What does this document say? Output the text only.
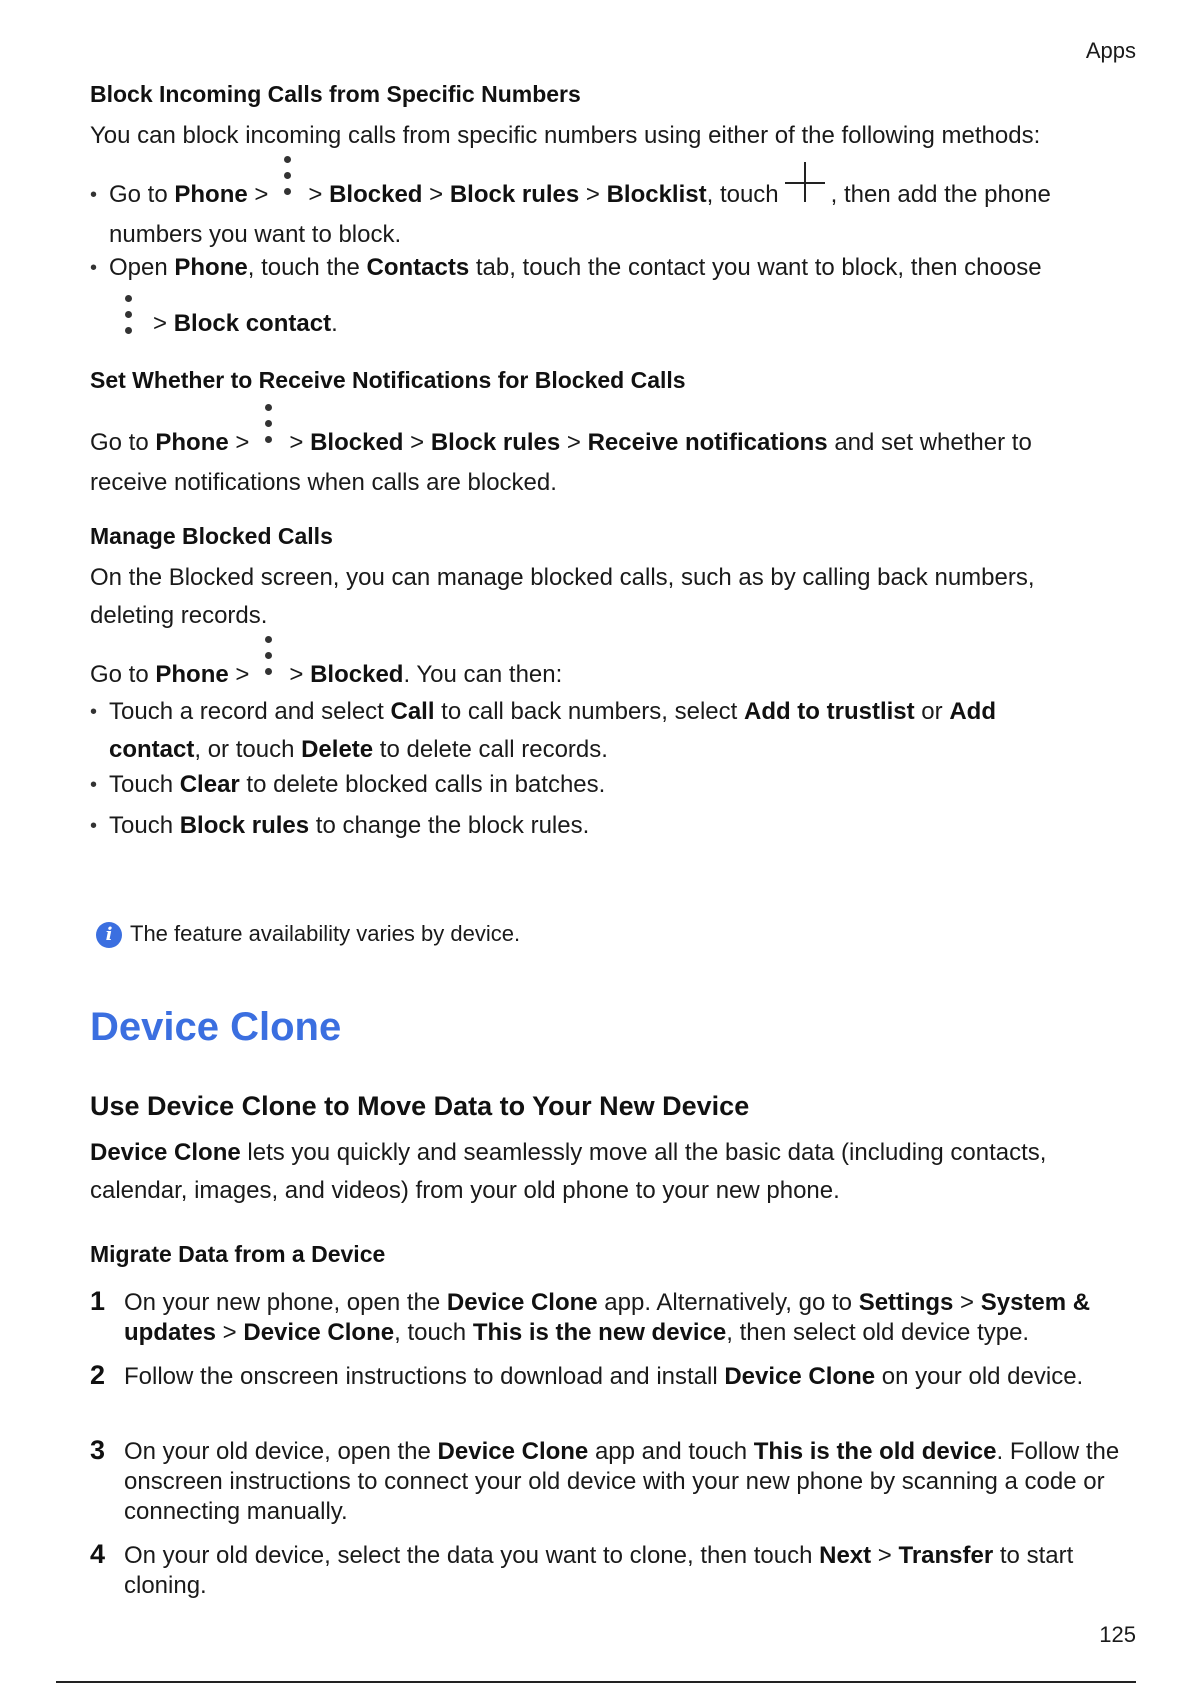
Apps
Block Incoming Calls from Specific Numbers
You can block incoming calls from specific numbers using either of the following methods:
• Go to Phone > > Blocked > Block rules > Blocklist, touch , then add the phone
numbers you want to block.
• Open Phone, touch the Contacts tab, touch the contact you want to block, then choose
> Block contact.
Set Whether to Receive Notifications for Blocked Calls
Go to Phone > > Blocked > Block rules > Receive notifications and set whether to
receive notifications when calls are blocked.
Manage Blocked Calls
On the Blocked screen, you can manage blocked calls, such as by calling back numbers, deleting records.
Go to Phone > > Blocked. You can then:
• Touch a record and select Call to call back numbers, select Add to trustlist or Add
contact, or touch Delete to delete call records.
• Touch Clear to delete blocked calls in batches.
• Touch Block rules to change the block rules.
i The feature availability varies by device.
Device Clone
Use Device Clone to Move Data to Your New Device
Device Clone lets you quickly and seamlessly move all the basic data (including contacts, calendar, images, and videos) from your old phone to your new phone.
Migrate Data from a Device
1 On your new phone, open the Device Clone app. Alternatively, go to Settings > System & updates > Device Clone, touch This is the new device, then select old device type.
2 Follow the onscreen instructions to download and install Device Clone on your old device.
3 On your old device, open the Device Clone app and touch This is the old device. Follow the onscreen instructions to connect your old device with your new phone by scanning a code or connecting manually.
4 On your old device, select the data you want to clone, then touch Next > Transfer to start cloning.
125
